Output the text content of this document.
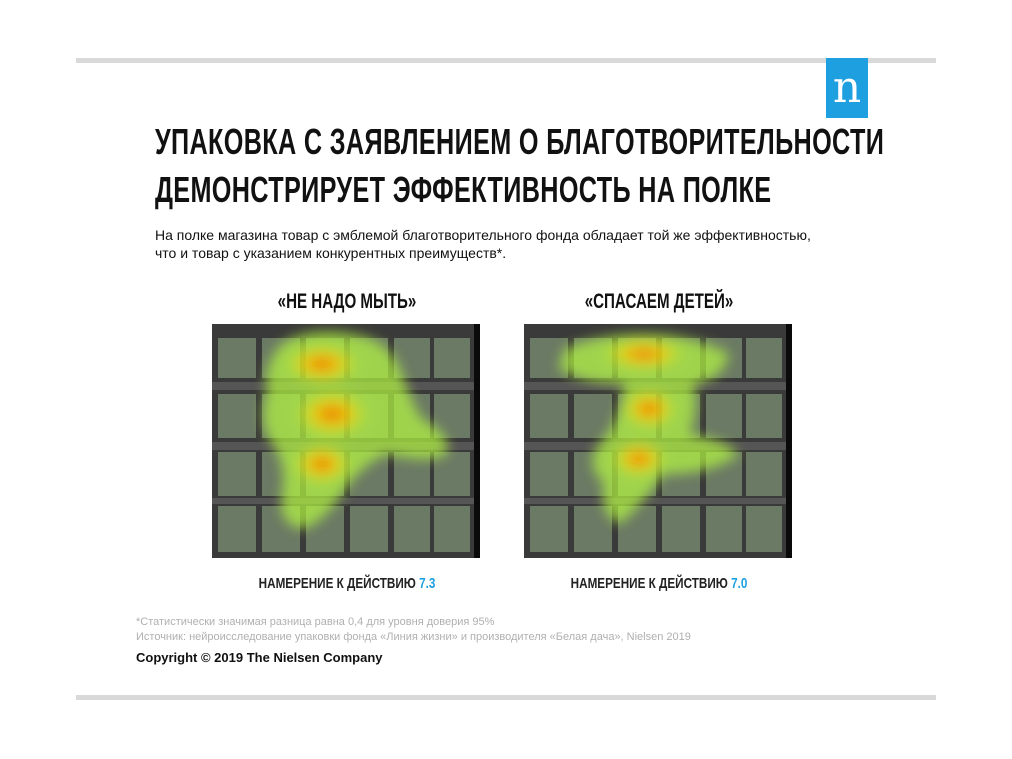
n
УПАКОВКА С ЗАЯВЛЕНИЕМ О БЛАГОТВОРИТЕЛЬНОСТИ
ДЕМОНСТРИРУЕТ ЭФФЕКТИВНОСТЬ НА ПОЛКЕ

На полке магазина товар с эмблемой благотворительного фонда обладает той же эффективностью,
что и товар с указанием конкурентных преимуществ*.

«НЕ НАДО МЫТЬ»
НАМЕРЕНИЕ К ДЕЙСТВИЮ 7.3
«СПАСАЕМ ДЕТЕЙ»
НАМЕРЕНИЕ К ДЕЙСТВИЮ 7.0
*Статистически значимая разница равна 0,4 для уровня доверия 95%
Источник: нейроисследование упаковки фонда «Линия жизни» и производителя «Белая дача», Nielsen 2019
Copyright © 2019 The Nielsen Company
